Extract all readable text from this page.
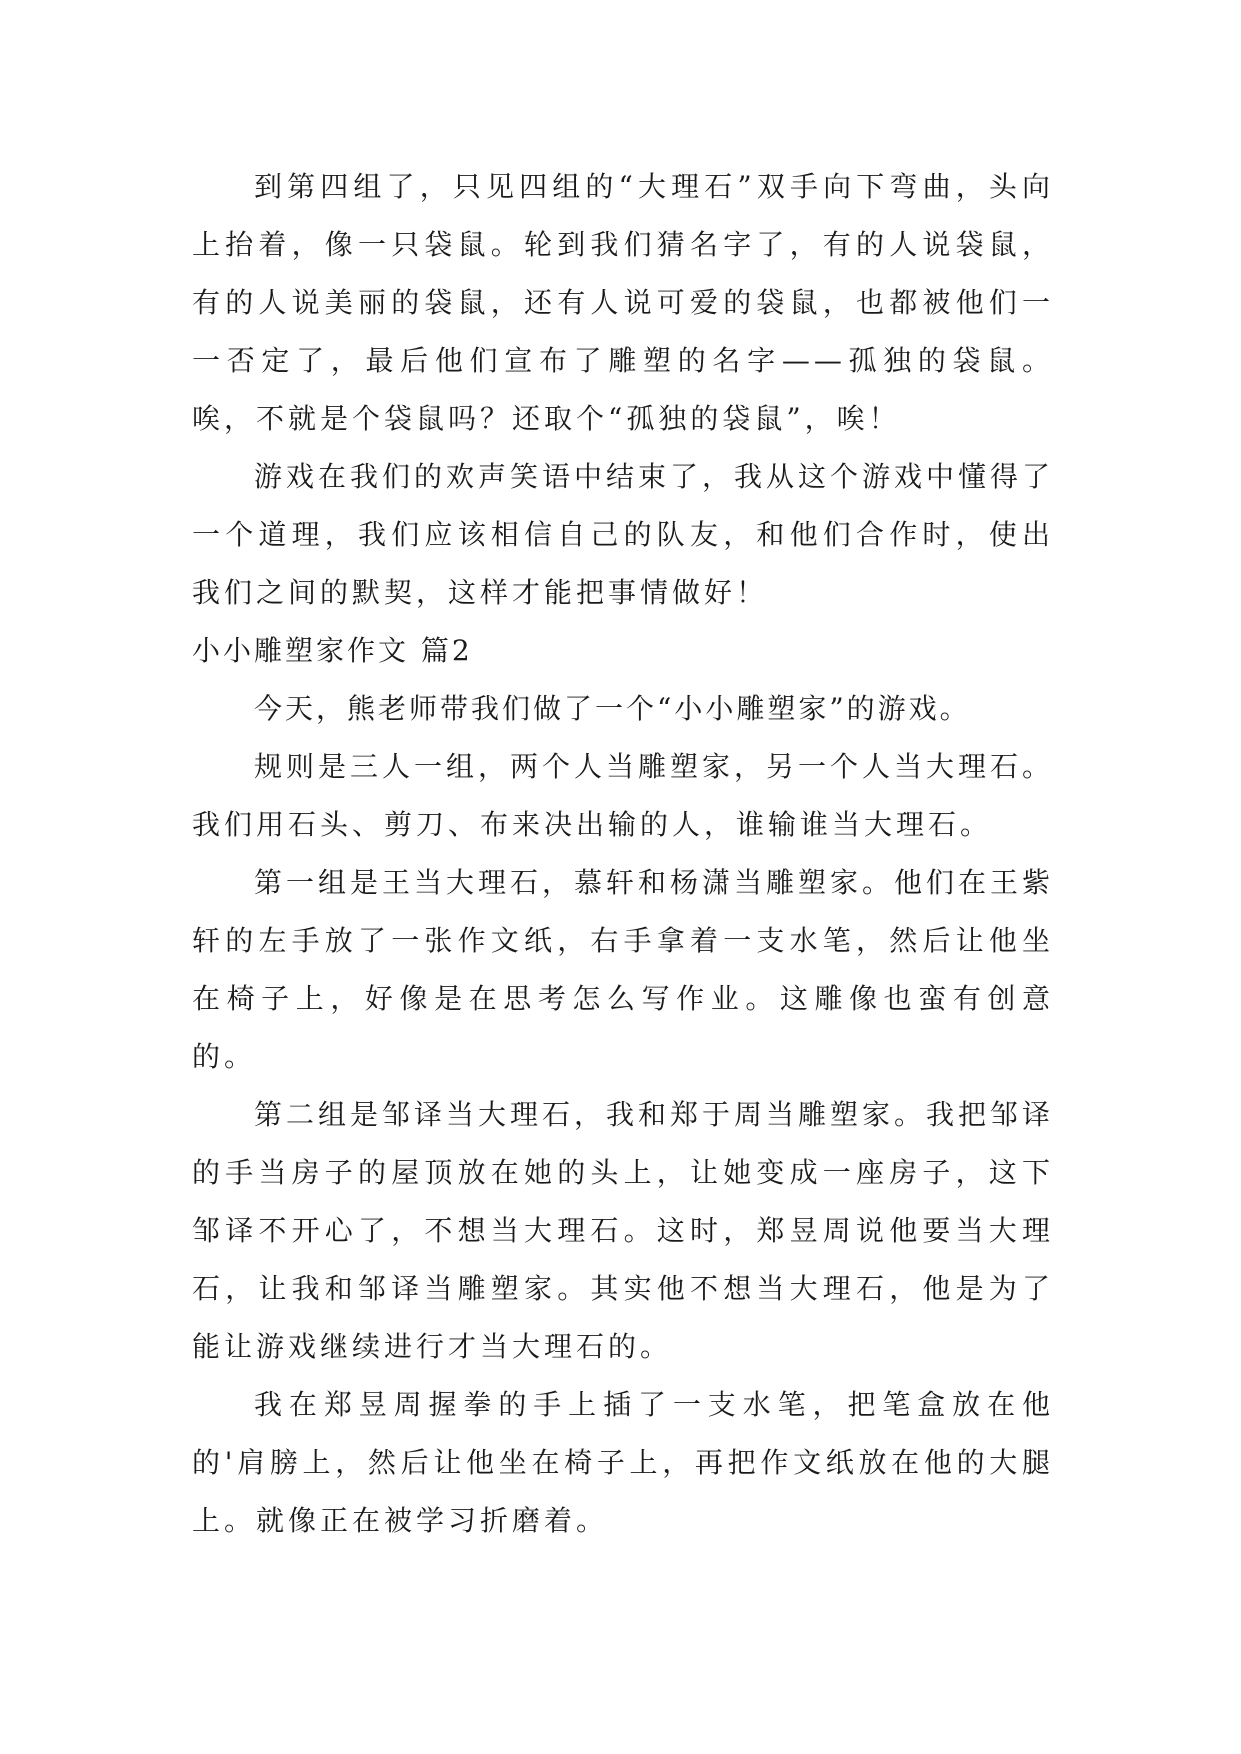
到第四组了，只见四组的“大理石”双手向下弯曲，头向上抬着，像一只袋鼠。轮到我们猜名字了，有的人说袋鼠，有的人说美丽的袋鼠，还有人说可爱的袋鼠，也都被他们一一否定了，最后他们宣布了雕塑的名字——孤独的袋鼠。唉，不就是个袋鼠吗？还取个“孤独的袋鼠”，唉！

游戏在我们的欢声笑语中结束了，我从这个游戏中懂得了一个道理，我们应该相信自己的队友，和他们合作时，使出我们之间的默契，这样才能把事情做好！

小小雕塑家作文 篇2

今天，熊老师带我们做了一个“小小雕塑家”的游戏。

规则是三人一组，两个人当雕塑家，另一个人当大理石。我们用石头、剪刀、布来决出输的人，谁输谁当大理石。

第一组是王当大理石，慕轩和杨潇当雕塑家。他们在王紫轩的左手放了一张作文纸，右手拿着一支水笔，然后让他坐在椅子上，好像是在思考怎么写作业。这雕像也蛮有创意的。

第二组是邹译当大理石，我和郑于周当雕塑家。我把邹译的手当房子的屋顶放在她的头上，让她变成一座房子，这下邹译不开心了，不想当大理石。这时，郑昱周说他要当大理石，让我和邹译当雕塑家。其实他不想当大理石，他是为了能让游戏继续进行才当大理石的。

我在郑昱周握拳的手上插了一支水笔，把笔盒放在他的'肩膀上，然后让他坐在椅子上，再把作文纸放在他的大腿上。就像正在被学习折磨着。
